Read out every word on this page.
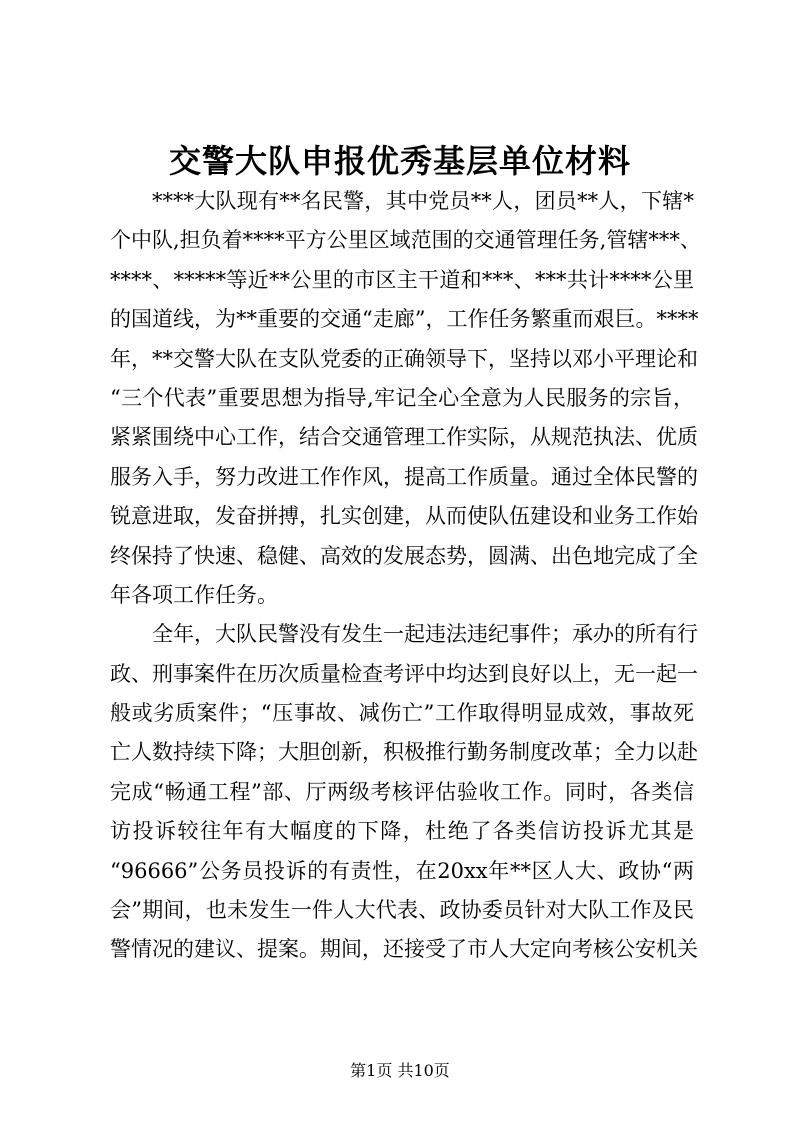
交警大队申报优秀基层单位材料
****大队现有**名民警，其中党员**人，团员**人，下辖*
个中队,担负着****平方公里区域范围的交通管理任务,管辖***、
****、*****等近**公里的市区主干道和***、***共计****公里
的国道线，为**重要的交通“走廊”，工作任务繁重而艰巨。****
年，**交警大队在支队党委的正确领导下，坚持以邓小平理论和
“三个代表”重要思想为指导,牢记全心全意为人民服务的宗旨，
紧紧围绕中心工作，结合交通管理工作实际，从规范执法、优质
服务入手，努力改进工作作风，提高工作质量。通过全体民警的
锐意进取，发奋拼搏，扎实创建，从而使队伍建设和业务工作始
终保持了快速、稳健、高效的发展态势，圆满、出色地完成了全
年各项工作任务。
全年，大队民警没有发生一起违法违纪事件；承办的所有行
政、刑事案件在历次质量检查考评中均达到良好以上，无一起一
般或劣质案件；“压事故、减伤亡”工作取得明显成效，事故死
亡人数持续下降；大胆创新，积极推行勤务制度改革；全力以赴
完成“畅通工程”部、厅两级考核评估验收工作。同时，各类信
访投诉较往年有大幅度的下降，杜绝了各类信访投诉尤其是
“96666”公务员投诉的有责性，在20xx年**区人大、政协“两
会”期间，也未发生一件人大代表、政协委员针对大队工作及民
警情况的建议、提案。期间，还接受了市人大定向考核公安机关
第1页 共10页
